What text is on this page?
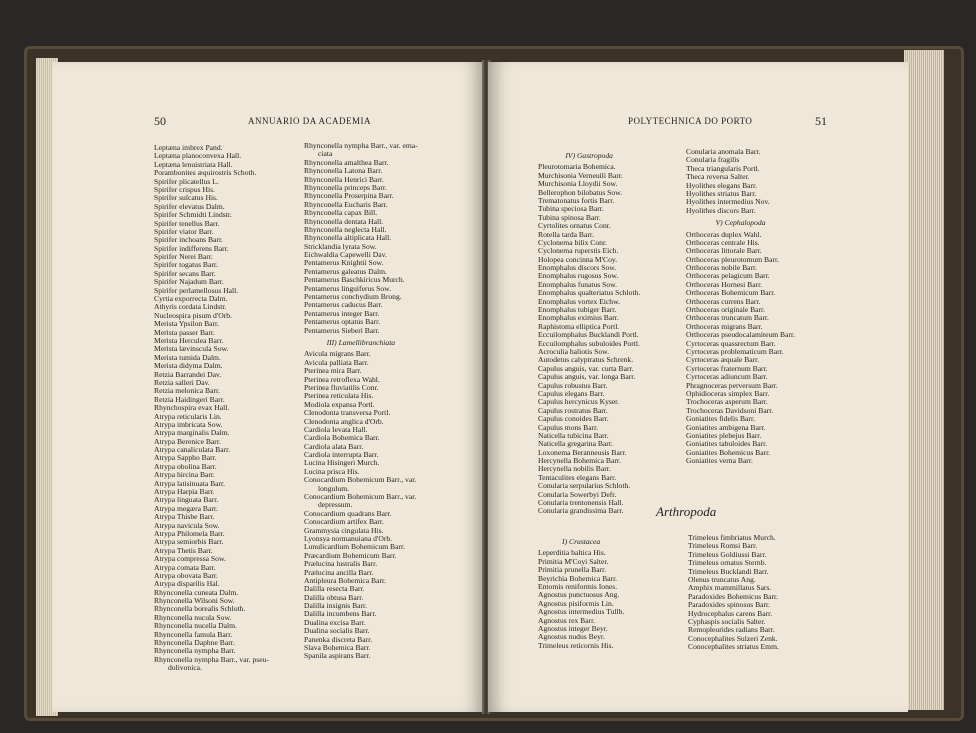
50	ANNUARIO DA ACADEMIA
Leptæna imbrex Pand.
Leptæna planoconvexa Hall.
Leptæna lenuistriata Hall.
Porambonites æquirostris Schoth.
Spirifer plicatellus L.
Spirifer crispus His.
Spirifer sulcatus His.
Spirifer elevatus Dalm.
Spirifer Schmidti Lindstr.
Spirifer tenellus Barr.
Spirifer viator Barr.
Spirifer inchoans Barr.
Spirifer indifferens Barr.
Spirifer Nerei Barr.
Spirifer togatus Barr.
Spirifer secans Barr.
Spirifer Najadum Barr.
Spirifer perlamellosus Hall.
Cyrtia exporrecta Dalm.
Athyris cordata Lindstr.
Nucleospira pisum d'Orb.
Merista Ypsilon Barr.
Merista passer Barr.
Merista Herculea Barr.
Merista lævinscula Sow.
Merista tumida Dalm.
Merista didyma Dalm.
Retzia Barrandei Dav.
Retzia salleri Dav.
Retzia melonica Barr.
Retzia Haidingeri Barr.
Rhynchospira evax Hall.
Atrypa reticularis Lin.
Atrypa imbricata Sow.
Atrypa marginalis Dalm.
Atrypa Berenice Barr.
Atrypa canaliculata Barr.
Atrypa Sappho Barr.
Atrypa obolina Barr.
Atrypa hircina Barr.
Atrypa latisinuata Barr.
Atrypa Harpia Barr.
Atrypa linguata Barr.
Atrypa megæra Barr.
Atrypa Thisbe Barr.
Atrypa navicula Sow.
Atrypa Philomela Barr.
Atrypa semiorbis Barr.
Atrypa Thetis Barr.
Atrypa compressa Sow.
Atrypa comata Barr.
Atrypa obovata Barr.
Atrypa disparilis Hal.
Rhynconella cuneata Dalm.
Rhynconella Wilsoni Sow.
Rhynconella borealis Schloth.
Rhynconella nucula Sow.
Rhynconella nucella Dalm.
Rhynconella famula Barr.
Rhynconella Daphne Barr.
Rhynconella nympha Barr.
Rhynconella nympha Barr., var. pseu-
dolivonica.
Rhynconella nympha Barr., var. ema-
ciata
Rhynconella amalthea Barr.
Rhynconella Latona Barr.
Rhynconella Henrici Barr.
Rhynconella princeps Barr.
Rhynconella Proserpina Barr.
Rhynconella Eucharis Barr.
Rhynconella capax Bill.
Rhynconella dentata Hall.
Rhynconella neglecta Hall.
Rhynconella altiplicata Hall.
Stricklandia lyrata Sow.
Eichwaldia Capewelli Dav.
Pentamerus Knightii Sow.
Pentamerus galeatus Dalm.
Pentamerus Baschkiricus Murch.
Pentamerus linguiferus Sow.
Pentamerus conchydium Brong.
Pentamerus caducus Barr.
Pentamerus integer Barr.
Pentamerus optatus Barr.
Pentamerus Sieberi Barr.
III) Lamellibranchiata
Avicula migrans Barr.
Avicula palliata Barr.
Pterinea mira Barr.
Pterinea retroflexa Wahl.
Pterinea fluviatilis Conr.
Pterinea reticulata His.
Modiola expansa Portl.
Clenodonta transversa Portl.
Clenodonta anglica d'Orb.
Cardiola Ievata Hall.
Cardiola Bohemica Barr.
Cardiola alata Barr.
Cardiola interrupta Barr.
Lucina Hisingeri Murch.
Lucina prisca His.
Conocardium Bohemicum Barr., var.
longulum.
Conocardium Bohemicum Barr., var.
depressum.
Conocardium quadrans Barr.
Conocardium artifex Barr.
Grammysia cingulata His.
Lyonsya normanuiana d'Orb.
Lunulicardium Bohemicum Barr.
Præcardium Bohemicum Barr.
Prælucina lustralis Barr.
Prælucina ancilla Barr.
Antipleura Bohemica Barr.
Dalilla resecta Barr.
Dalilla obtusa Barr.
Dalilla insignis Barr.
Dalilla incumbens Barr.
Dualina excisa Barr.
Dualina socialis Barr.
Panenka discreta Barr.
Slava Bohemica Barr.
Spanila aspirans Barr.
POLYTECHNICA DO PORTO	51
IV) Gastropoda
Pleurotomaria Bohemica.
Murchisonia Verneuili Barr.
Murchisonia Lloydii Sow.
Bellerophon bilobatus Sow.
Trematonatus fortis Barr.
Tubina speciosa Barr.
Tubina spinosa Barr.
Cyrtolites ornatus Conr.
Rotella tarda Barr.
Cyclonema bilix Conr.
Cyclonema ruperstis Eich.
Holopea concinna M'Coy.
Enomphalus discors Sow.
Enomphalus rugosus Sow.
Enomphalus funatus Sow.
Enomphalus qualteriatus Schloth.
Enomphalus vortex Eichw.
Enomphalus tubiger Barr.
Enomphalus eximius Barr.
Raphistoma elliptica Portl.
Eccuilomphalus Bucklandi Portl.
Eccuilomphalus subuloides Portl.
Acroculia haliotis Sow.
Autodetus calyptratus Schrenk.
Capulus anguis, var. curta Barr.
Capulus anguis, var. longa Barr.
Capulus robustus Barr.
Capulus elegans Barr.
Capulus hercynicus Kyser.
Capulus rostratus Barr.
Capulus conoides Barr.
Capulus mons Barr.
Naticella tubicina Barr.
Naticella gregarina Barr.
Loxonema Beranneusis Barr.
Hercynella Bohemica Barr.
Hercynella nobilis Barr.
Tentaculites elegans Barr.
Conularia serpularius Schloth.
Conularia Sowerbyi Defr.
Conularia trentonensis Hall.
Conularia grandissima Barr.
Conularia anomala Barr.
Conularia fragilis
Theca triangularis Portl.
Theca reversa Salter.
Hyolithes elegans Barr.
Hyolithes striatus Barr.
Hyolithes intermedius Nov.
Hyolithes discors Barr.
V) Cephalopoda
Orthoceras duplex Wahl.
Orthoceras centrale His.
Orthoceras littorale Barr.
Orthoceras pleurotomum Barr.
Orthoceras nobile Barr.
Orthoceras pelagicum Barr.
Orthoceras Hornesi Barr.
Orthoceras Bohemicum Barr.
Orthoceras currens Barr.
Orthoceras originale Barr.
Orthoceras truncatum Barr.
Orthoceras migrans Barr.
Orthoceras pseudocalamiteum Barr.
Cyrtoceras quassrectum Barr.
Cyrtoceras problematicum Barr.
Cyrtoceras æquale Barr.
Cyrtoceras fraternum Barr.
Cyrtoceras adiuncum Barr.
Phragnoceras perversum Barr.
Ophidioceras simplex Barr.
Trochoceras asperum Barr.
Trochoceras Davidsoni Barr.
Goniatites fidelis Barr.
Goniatites ambigena Barr.
Goniatites plebejus Barr.
Goniatites tabuloides Barr.
Goniatites Bohemicus Barr.
Goniatites verna Barr.
Arthropoda
I) Crustacea
Leperditia baltica His.
Primitia M'Coyi Salter.
Primitia prunella Barr.
Beyrichia Bohemica Barr.
Entomis reniformis Iones.
Agnostus punctuosus Ang.
Agnostus pisiformis Lin.
Agnostus intermedius Tullb.
Agnostus rex Barr.
Agnostus integer Beyr.
Agnostus nudus Beyr.
Trimeleus reticornis His.
Trimeleus fimbriatus Murch.
Trimeleus Romsi Barr.
Trimeleus Goldiussi Barr.
Trimeleus ornatus Sternb.
Trimeleus Bucklandi Barr.
Olenus truncatus Ang.
Amphix mammillatus Sars.
Paradoxides Bohemicus Barr.
Paradoxides spinosus Barr.
Hydrocephalus carens Barr.
Cyphaspis socialis Salter.
Remopleurides radians Barr.
Conocephalites Sulzeri Zenk.
Conocephalites striatus Emm.
